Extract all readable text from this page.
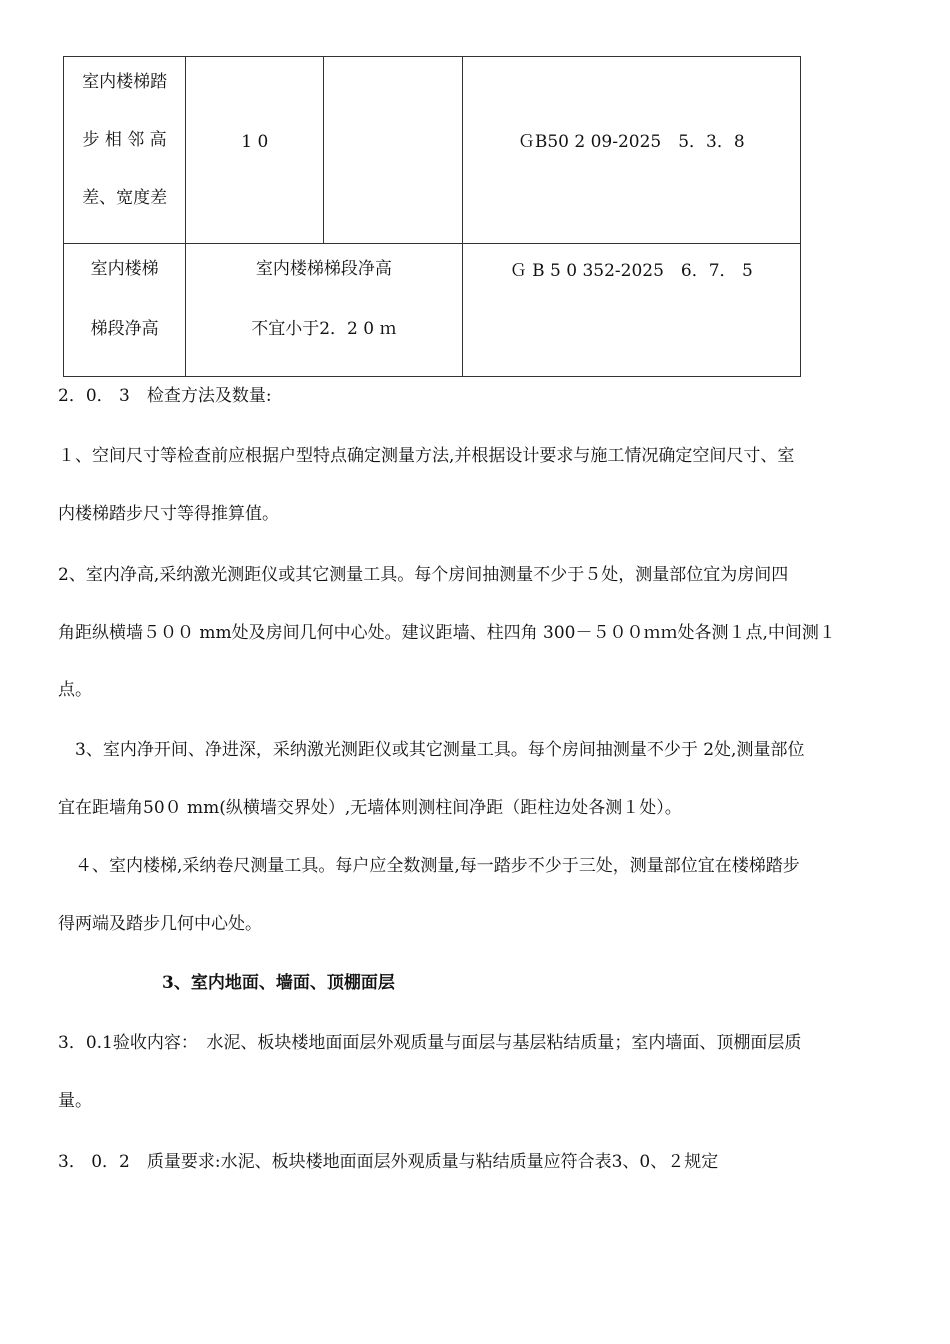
室内楼梯踏
步 相 邻 高
差、宽度差	1 0		ＧB50 2 09-2025　5．3．8

室内楼梯
梯段净高	室内楼梯梯段净高
不宜小于2．2 0 ｍ		Ｇ B 5 0 352-2025　6．7． 5
2．0． 3　检查方法及数量:
１、空间尺寸等检查前应根据户型特点确定测量方法,并根据设计要求与施工情况确定空间尺寸、室
内楼梯踏步尺寸等得推算值。
2、室内净高,采纳激光测距仪或其它测量工具。每个房间抽测量不少于５处，测量部位宜为房间四
角距纵横墙５００ mm处及房间几何中心处。建议距墙、柱四角 300－５００ｍｍ处各测１点,中间测１
点。
　3、室内净开间、净进深，采纳激光测距仪或其它测量工具。每个房间抽测量不少于 2处,测量部位
宜在距墙角50０ mm(纵横墙交界处）,无墙体则测柱间净距（距柱边处各测１处）。
　４、室内楼梯,采纳卷尺测量工具。每户应全数测量,每一踏步不少于三处，测量部位宜在楼梯踏步
得两端及踏步几何中心处。
3、室内地面、墙面、顶棚面层
3．0.1验收内容：　水泥、板块楼地面面层外观质量与面层与基层粘结质量；室内墙面、顶棚面层质
量。
3． 0．2　质量要求:水泥、板块楼地面面层外观质量与粘结质量应符合表3、0、２规定
